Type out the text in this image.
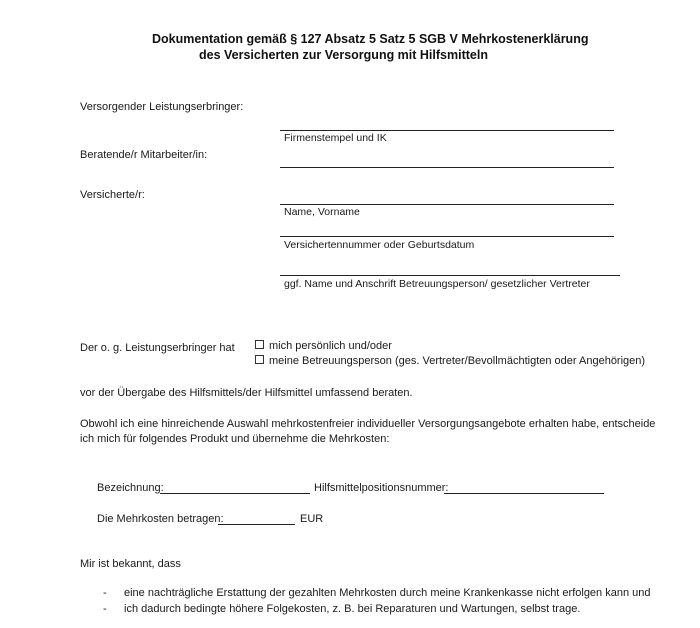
Dokumentation gemäß § 127 Absatz 5 Satz 5 SGB V Mehrkostenerklärung
des Versicherten zur Versorgung mit Hilfsmitteln
Versorgender Leistungserbringer:
Firmenstempel und IK
Beratende/r Mitarbeiter/in:
Versicherte/r:
Name, Vorname
Versichertennummer oder Geburtsdatum
ggf. Name und Anschrift Betreuungsperson/ gesetzlicher Vertreter
Der o. g. Leistungserbringer hat	mich persönlich und/oder
meine Betreuungsperson (ges. Vertreter/Bevollmächtigten oder Angehörigen)
vor der Übergabe des Hilfsmittels/der Hilfsmittel umfassend beraten.
Obwohl ich eine hinreichende Auswahl mehrkostenfreier individueller Versorgungsangebote erhalten habe, entscheide
ich mich für folgendes Produkt und übernehme die Mehrkosten:
Bezeichnung:	Hilfsmittelpositionsnummer:
Die Mehrkosten betragen:	EUR
Mir ist bekannt, dass
- eine nachträgliche Erstattung der gezahlten Mehrkosten durch meine Krankenkasse nicht erfolgen kann und
- ich dadurch bedingte höhere Folgekosten, z. B. bei Reparaturen und Wartungen, selbst trage.
